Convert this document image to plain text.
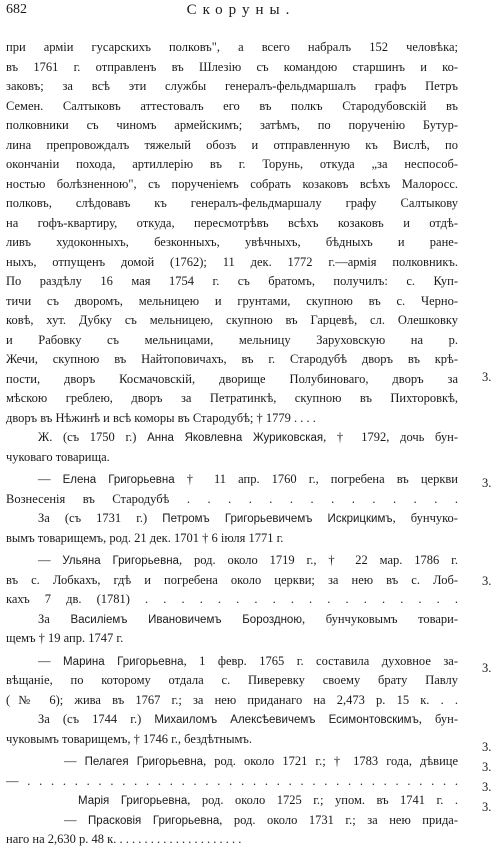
682	Скоруны.
при арміи гусарскихъ полковъ", а всего набралъ 152 человѣка;
въ 1761 г. отправленъ въ Шлезію съ командою старшинъ и ко-
заковъ; за всѣ эти службы генералъ-фельдмаршалъ графъ Петръ
Семен. Салтыковъ аттестовалъ его въ полкъ Стародубовскій въ
полковники съ чиномъ армейскимъ; затѣмъ, по порученію Бутур-
лина препровождалъ тяжелый обозъ и отправленную къ Вислѣ, по
окончаніи похода, артиллерію въ г. Торунь, откуда „за неспособ-
ностью болѣзненною", съ порученіемъ собрать козаковъ всѣхъ Малоросс.
полковъ, слѣдовавъ къ генералъ-фельдмаршалу графу Салтыкову
на гофъ-квартиру, откуда, пересмотрѣвъ всѣхъ козаковъ и отдѣ-
ливъ худоконныхъ, безконныхъ, увѣчныхъ, бѣдныхъ и ране-
ныхъ, отпущенъ домой (1762); 11 дек. 1772 г.—армія полковникъ.
По раздѣлу 16 мая 1754 г. съ братомъ, получилъ: с. Куп-
тичи съ дворомъ, мельницею и грунтами, скупною въ с. Черно-
ковѣ, хут. Дубку съ мельницею, скупною въ Гарцевѣ, сл. Олешковку
и Рабовку съ мельницами, мельницу Заруховскую на р.
Жечи, скупною въ Найтоповичахъ, въ г. Стародубѣ дворъ въ крѣ-
пости, дворъ Космачовскій, дворище Полубиноваго, дворъ за
мѣскою греблею, дворъ за Петратинкѣ, скупною въ Пихторовкѣ,
дворъ въ Нѣжинѣ и всѣ комоpы въ Стародубѣ; † 1779 . . . .
Ж. (съ 1750 г.) Анна Яковлевна Журиковская, † 1792, дочь бун-
чуковаго товарища.
— Елена Григорьевна † 11 апр. 1760 г., погребена въ церкви
Вознесенія въ Стародубѣ . . . . . . . . . . . . . .
За (съ 1731 г.) Петромъ Григорьевичемъ Искрицкимъ, бунчуко-
вымъ товарищемъ, род. 21 дек. 1701 † 6 іюля 1771 г.
— Ульяна Григорьевна, род. около 1719 г., † 22 мар. 1786 г.
въ с. Лобкахъ, гдѣ и погребена около церкви; за нею въ с. Лоб-
кахъ 7 дв. (1781) . . . . . . . . . . . . . . . . . .
За Василіемъ Ивановичемъ Бороздною, бунчуковымъ товари-
щемъ † 19 апр. 1747 г.
— Марина Григорьевна, 1 февр. 1765 г. составила духовное за-
вѣщаніе, по которому отдала с. Пиверевку своему брату Павлу
(№ 6); жива въ 1767 г.; за нею приданаго на 2,473 р. 15 к. . .
За (съ 1744 г.) Михаиломъ Алексѣевичемъ Есимонтовскимъ, бун-
чуковымъ товарищемъ, † 1746 г., бездѣтнымъ.
— Пелагея Григорьевна, род. около 1721 г.; † 1783 года, дѣвице
— . . . . . . . . . . . . . . . . . . . . . . . . . . . . . . . . . . . . .
Марія Григорьевна, род. около 1725 г.; упом. въ 1741 г. .
— Прасковія Григорьевна, род. около 1731 г.; за нею прида-
наго на 2,630 р. 48 к. . . . . . . . . . . . . . . . . . . . .
3.
3.
3.
3.
3.
3.
3.
3.
